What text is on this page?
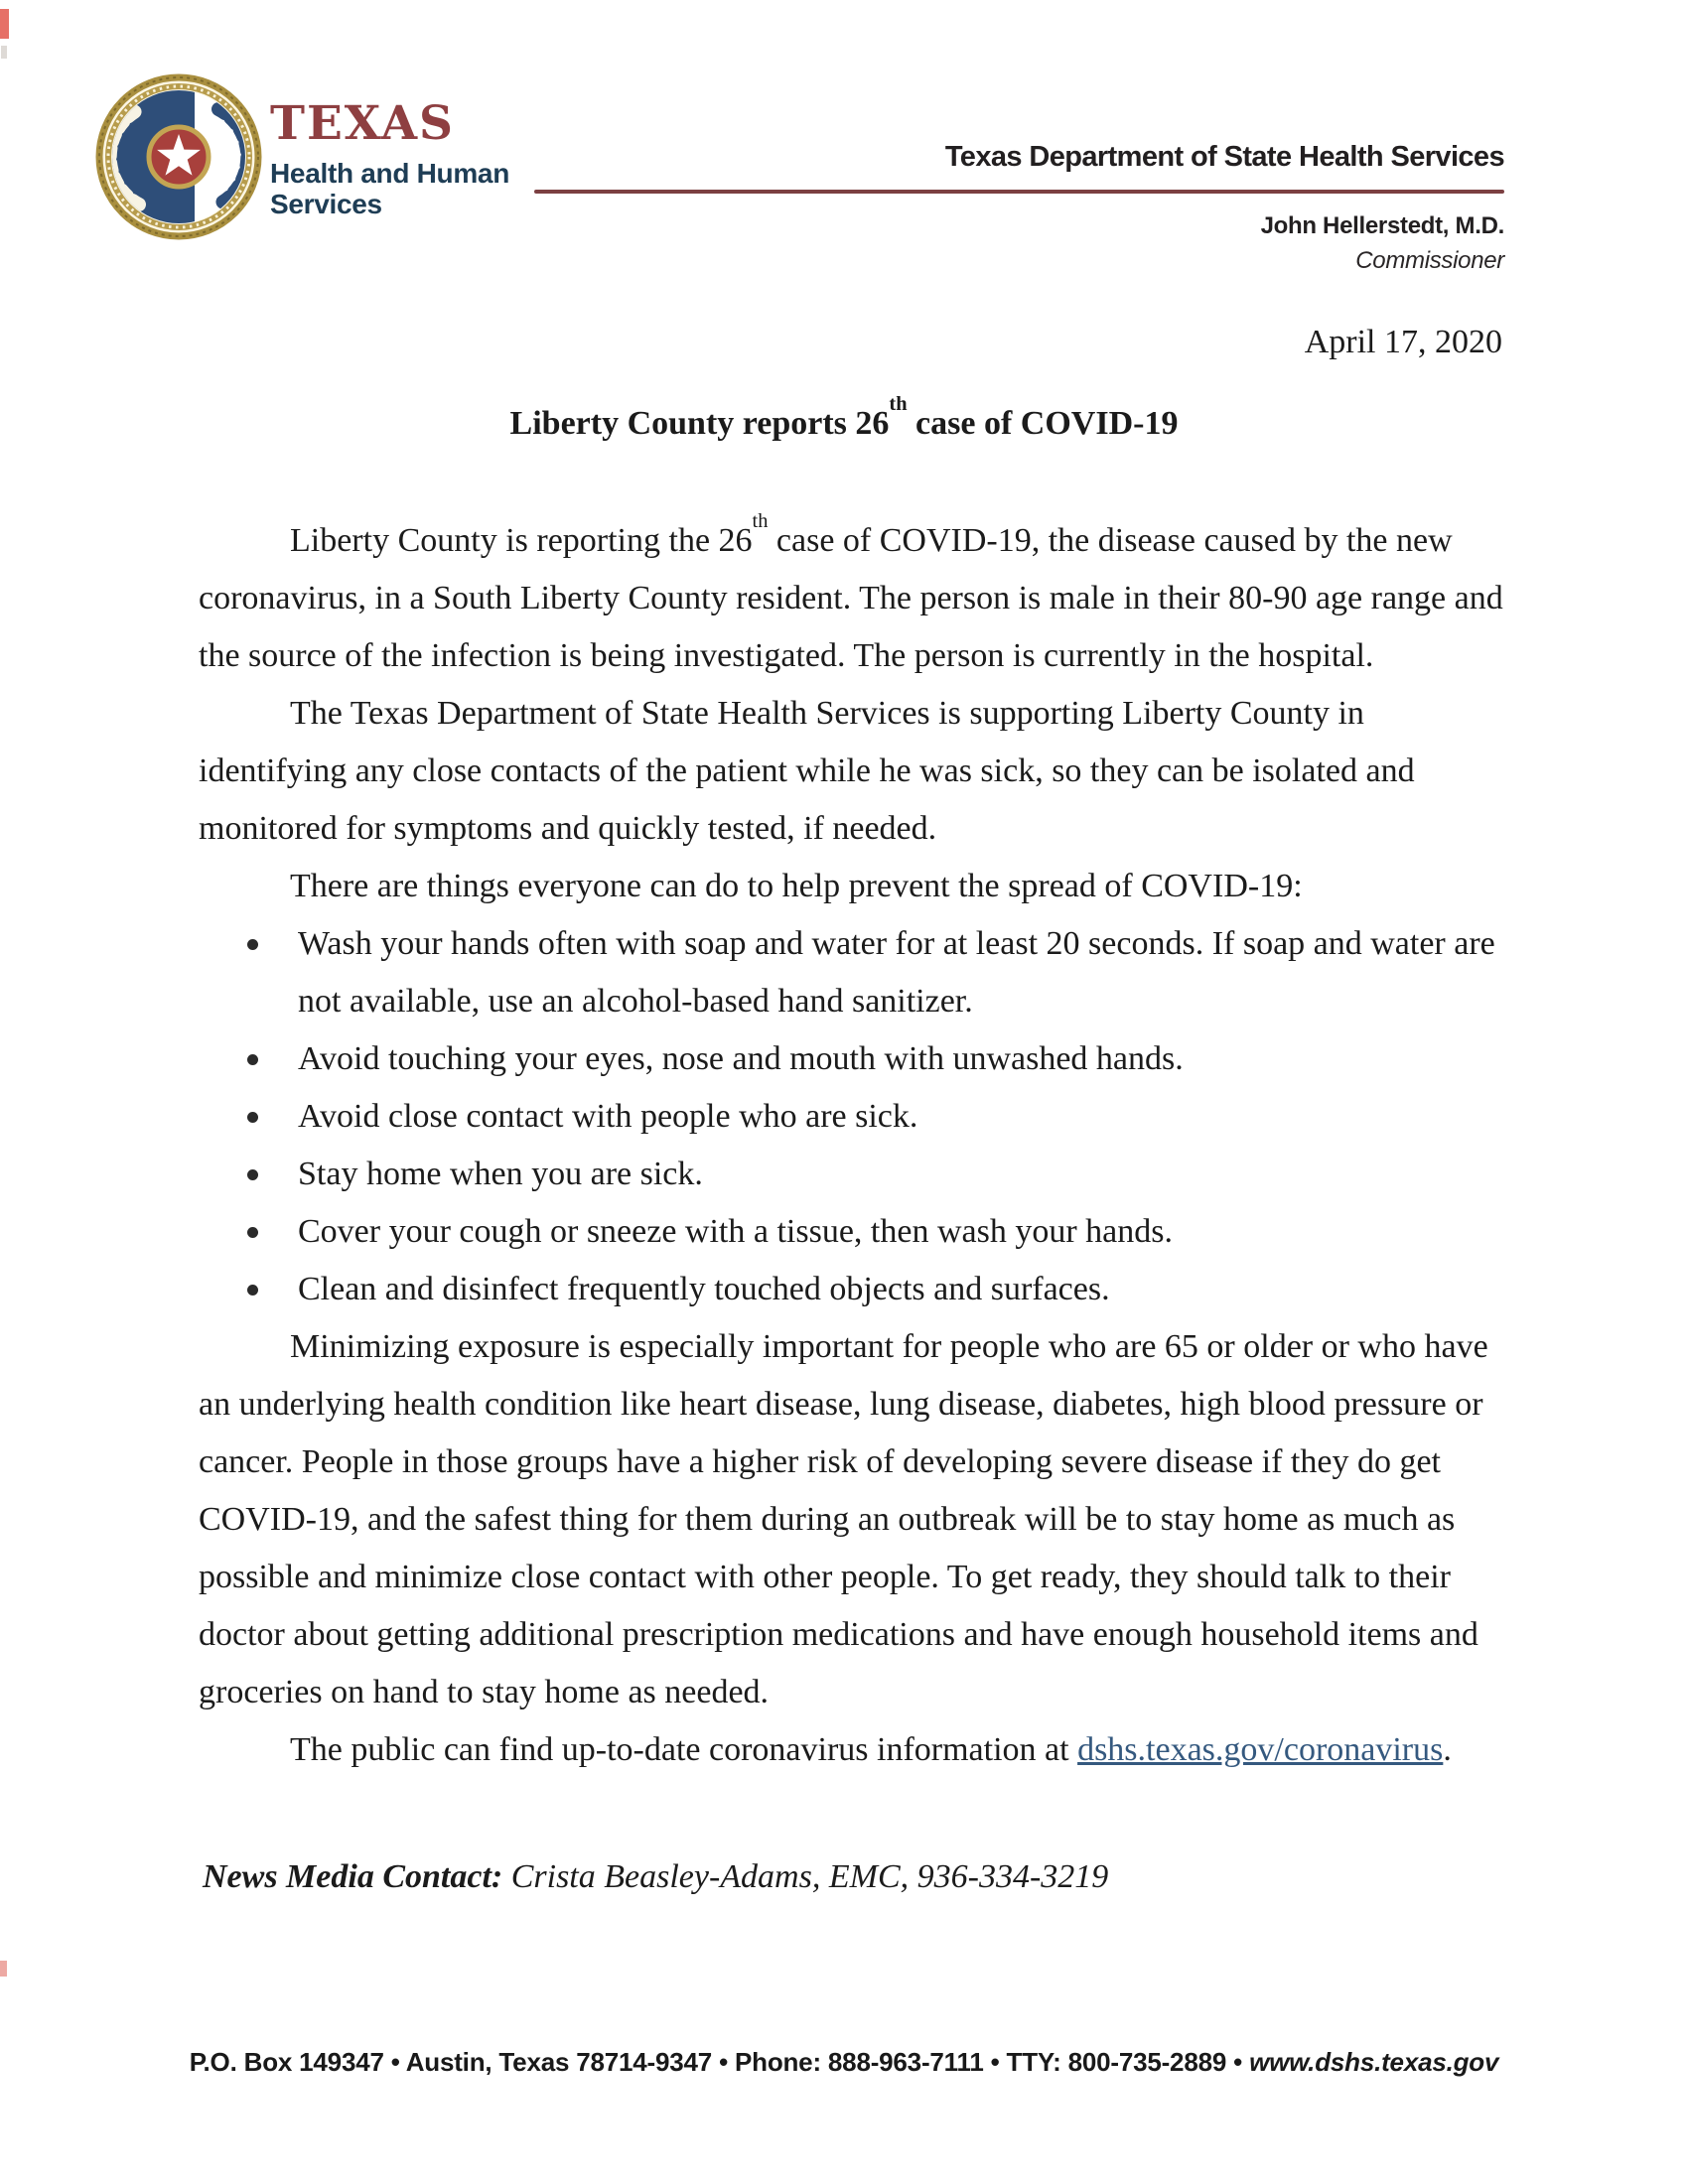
TEXAS
Health and Human
Services
Texas Department of State Health Services
John Hellerstedt, M.D.
Commissioner
April 17, 2020
Liberty County reports 26th case of COVID-19
Liberty County is reporting the 26th case of COVID-19, the disease caused by the new
coronavirus, in a South Liberty County resident. The person is male in their 80-90 age range and
the source of the infection is being investigated. The person is currently in the hospital.
The Texas Department of State Health Services is supporting Liberty County in
identifying any close contacts of the patient while he was sick, so they can be isolated and
monitored for symptoms and quickly tested, if needed.
There are things everyone can do to help prevent the spread of COVID-19:
Wash your hands often with soap and water for at least 20 seconds. If soap and water are
not available, use an alcohol-based hand sanitizer.
Avoid touching your eyes, nose and mouth with unwashed hands.
Avoid close contact with people who are sick.
Stay home when you are sick.
Cover your cough or sneeze with a tissue, then wash your hands.
Clean and disinfect frequently touched objects and surfaces.
Minimizing exposure is especially important for people who are 65 or older or who have
an underlying health condition like heart disease, lung disease, diabetes, high blood pressure or
cancer. People in those groups have a higher risk of developing severe disease if they do get
COVID-19, and the safest thing for them during an outbreak will be to stay home as much as
possible and minimize close contact with other people. To get ready, they should talk to their
doctor about getting additional prescription medications and have enough household items and
groceries on hand to stay home as needed.
The public can find up-to-date coronavirus information at dshs.texas.gov/coronavirus.
News Media Contact: Crista Beasley-Adams, EMC, 936-334-3219
P.O. Box 149347 • Austin, Texas 78714-9347 • Phone: 888-963-7111 • TTY: 800-735-2889 • www.dshs.texas.gov
